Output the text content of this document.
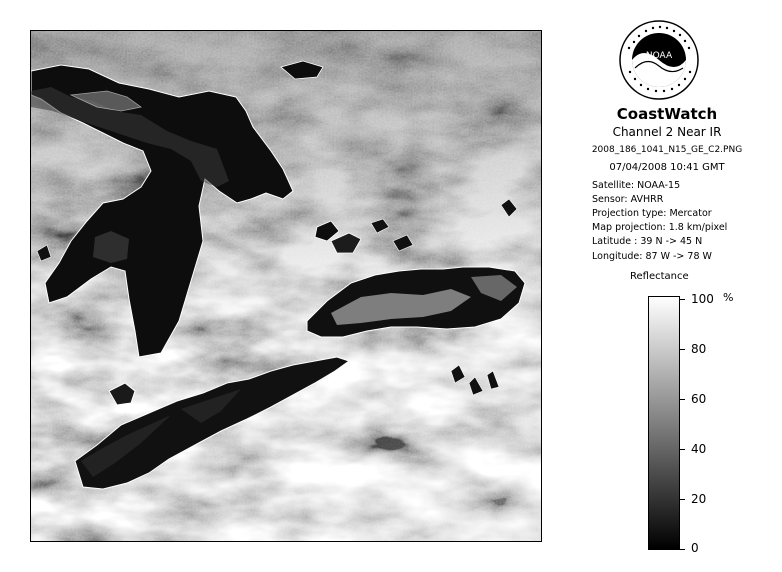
NOAA
CoastWatch
Channel 2 Near IR
2008_186_1041_N15_GE_C2.PNG
07/04/2008 10:41 GMT
Satellite: NOAA-15
Sensor: AVHRR
Projection type: Mercator
Map projection: 1.8 km/pixel
Latitude : 39 N -> 45 N
Longitude: 87 W -> 78 W
Reflectance
%
100
80
60
40
20
0
